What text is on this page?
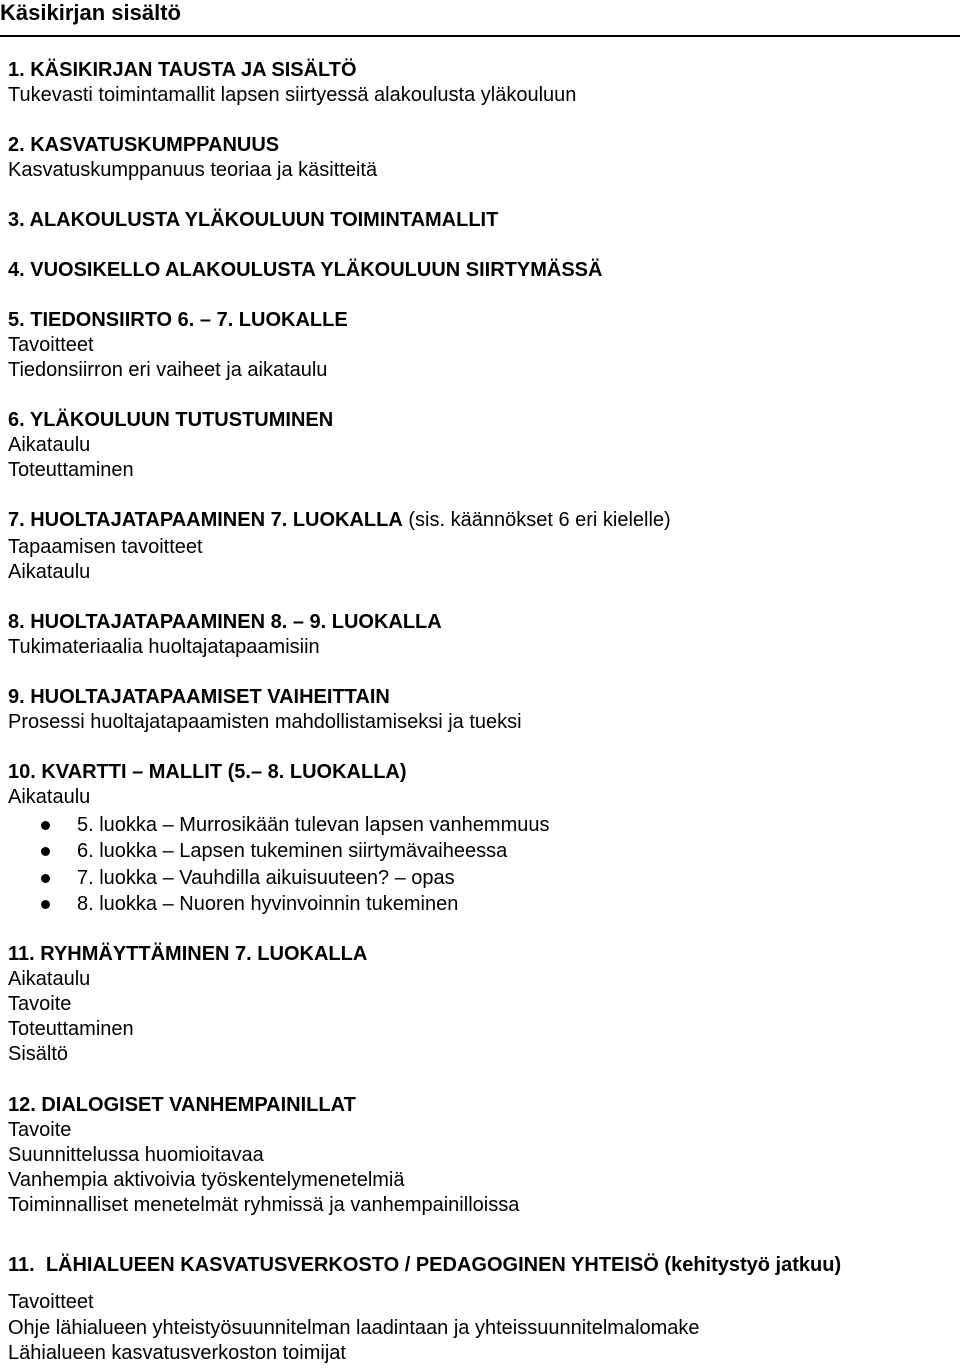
Käsikirjan sisältö
1. KÄSIKIRJAN TAUSTA JA SISÄLTÖ
Tukevasti toimintamallit lapsen siirtyessä alakoulusta yläkouluun
2. KASVATUSKUMPPANUUS
Kasvatuskumppanuus teoriaa ja käsitteitä
3. ALAKOULUSTA YLÄKOULUUN TOIMINTAMALLIT
4. VUOSIKELLO ALAKOULUSTA YLÄKOULUUN SIIRTYMÄSSÄ
5. TIEDONSIIRTO 6. – 7. LUOKALLE
Tavoitteet
Tiedonsiirron eri vaiheet ja aikataulu
6. YLÄKOULUUN TUTUSTUMINEN
Aikataulu
Toteuttaminen
7. HUOLTAJATAPAAMINEN 7. LUOKALLA (sis. käännökset 6 eri kielelle)
Tapaamisen tavoitteet
Aikataulu
8. HUOLTAJATAPAAMINEN 8. – 9. LUOKALLA
Tukimateriaalia huoltajatapaamisiin
9. HUOLTAJATAPAAMISET VAIHEITTAIN
Prosessi huoltajatapaamisten mahdollistamiseksi ja tueksi
10. KVARTTI – MALLIT (5.– 8. LUOKALLA)
Aikataulu
5. luokka – Murrosikään tulevan lapsen vanhemmuus
6. luokka – Lapsen tukeminen siirtymävaiheessa
7. luokka – Vauhdilla aikuisuuteen? – opas
8. luokka – Nuoren hyvinvoinnin tukeminen
11. RYHMÄYTTÄMINEN 7. LUOKALLA
Aikataulu
Tavoite
Toteuttaminen
Sisältö
12. DIALOGISET VANHEMPAINILLAT
Tavoite
Suunnittelussa huomioitavaa
Vanhempia aktivoivia työskentelymenetelmiä
Toiminnalliset menetelmät ryhmissä ja vanhempainilloissa
11.  LÄHIALUEEN KASVATUSVERKOSTO / PEDAGOGINEN YHTEISÖ (kehitystyö jatkuu)
Tavoitteet
Ohje lähialueen yhteistyösuunnitelman laadintaan ja yhteissuunnitelmalomake
Lähialueen kasvatusverkoston toimijat
